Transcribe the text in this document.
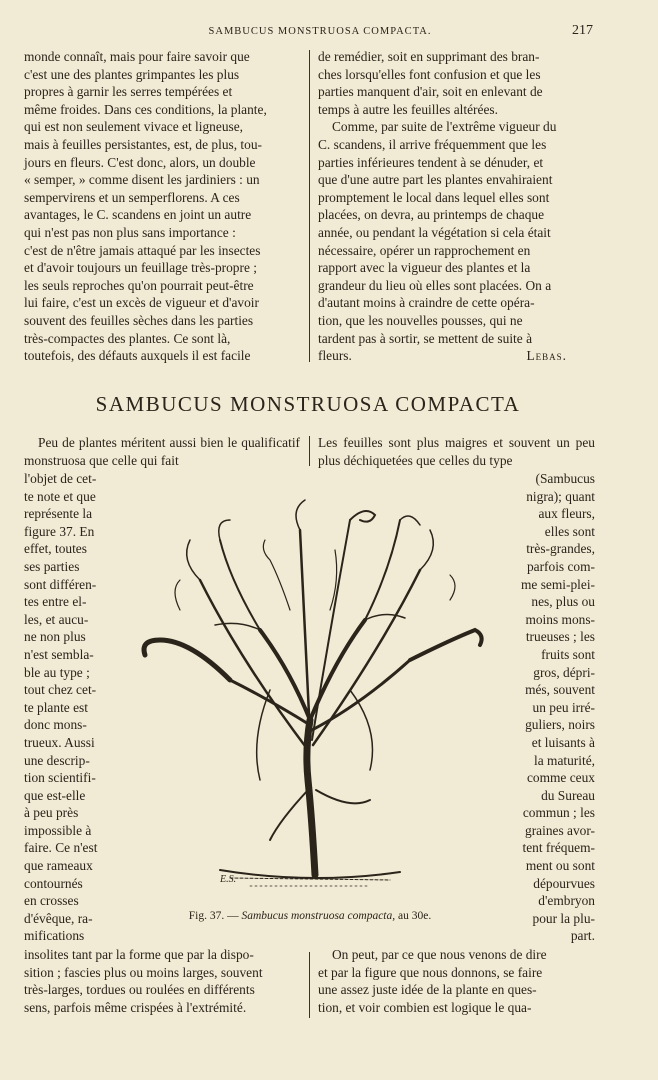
SAMBUCUS MONSTRUOSA COMPACTA.	217

monde connaît, mais pour faire savoir que

c'est une des plantes grimpantes les plus

propres à garnir les serres tempérées et

même froides. Dans ces conditions, la plante,

qui est non seulement vivace et ligneuse,

mais à feuilles persistantes, est, de plus, tou-

jours en fleurs. C'est donc, alors, un double

« semper, » comme disent les jardiniers : un

sempervirens et un semperflorens. A ces

avantages, le C. scandens en joint un autre

qui n'est pas non plus sans importance :

c'est de n'être jamais attaqué par les insectes

et d'avoir toujours un feuillage très-propre ;

les seuls reproches qu'on pourrait peut-être

lui faire, c'est un excès de vigueur et d'avoir

souvent des feuilles sèches dans les parties

très-compactes des plantes. Ce sont là,

toutefois, des défauts auxquels il est facile

de remédier, soit en supprimant des bran-

ches lorsqu'elles font confusion et que les

parties manquent d'air, soit en enlevant de

temps à autre les feuilles altérées.

Comme, par suite de l'extrême vigueur du

C. scandens, il arrive fréquemment que les

parties inférieures tendent à se dénuder, et

que d'une autre part les plantes envahiraient

promptement le local dans lequel elles sont

placées, on devra, au printemps de chaque

année, ou pendant la végétation si cela était

nécessaire, opérer un rapprochement en

rapport avec la vigueur des plantes et la

grandeur du lieu où elles sont placées. On a

d'autant moins à craindre de cette opéra-

tion, que les nouvelles pousses, qui ne

tardent pas à sortir, se mettent de suite à

fleurs.	Lebas.
SAMBUCUS MONSTRUOSA COMPACTA

Peu de plantes méritent aussi bien le qualificatif monstruosa que celle qui fait

Les feuilles sont plus maigres et souvent un peu plus déchiquetées que celles du type

l'objet de cet-

te note et que

représente la

figure 37. En

effet, toutes

ses parties

sont différen-

tes entre el-

les, et aucu-

ne non plus

n'est sembla-

ble au type ;

tout chez cet-

te plante est

donc mons-

trueux. Aussi

une descrip-

tion scientifi-

que est-elle

à peu près

impossible à

faire. Ce n'est

que rameaux

contournés

en crosses

d'évêque, ra-

mifications

(Sambucus

nigra); quant

aux fleurs,

elles sont

très-grandes,

parfois com-

me semi-plei-

nes, plus ou

moins mons-

trueuses ; les

fruits sont

gros, dépri-

més, souvent

un peu irré-

guliers, noirs

et luisants à

la maturité,

comme ceux

du Sureau

commun ; les

graines avor-

tent fréquem-

ment ou sont

dépourvues

d'embryon

pour la plu-

part.

E.S.
Fig. 37. — Sambucus monstruosa compacta, au 30e.

insolites tant par la forme que par la dispo-

sition ; fascies plus ou moins larges, souvent

très-larges, tordues ou roulées en différents

sens, parfois même crispées à l'extrémité.

On peut, par ce que nous venons de dire

et par la figure que nous donnons, se faire

une assez juste idée de la plante en ques-

tion, et voir combien est logique le qua-
